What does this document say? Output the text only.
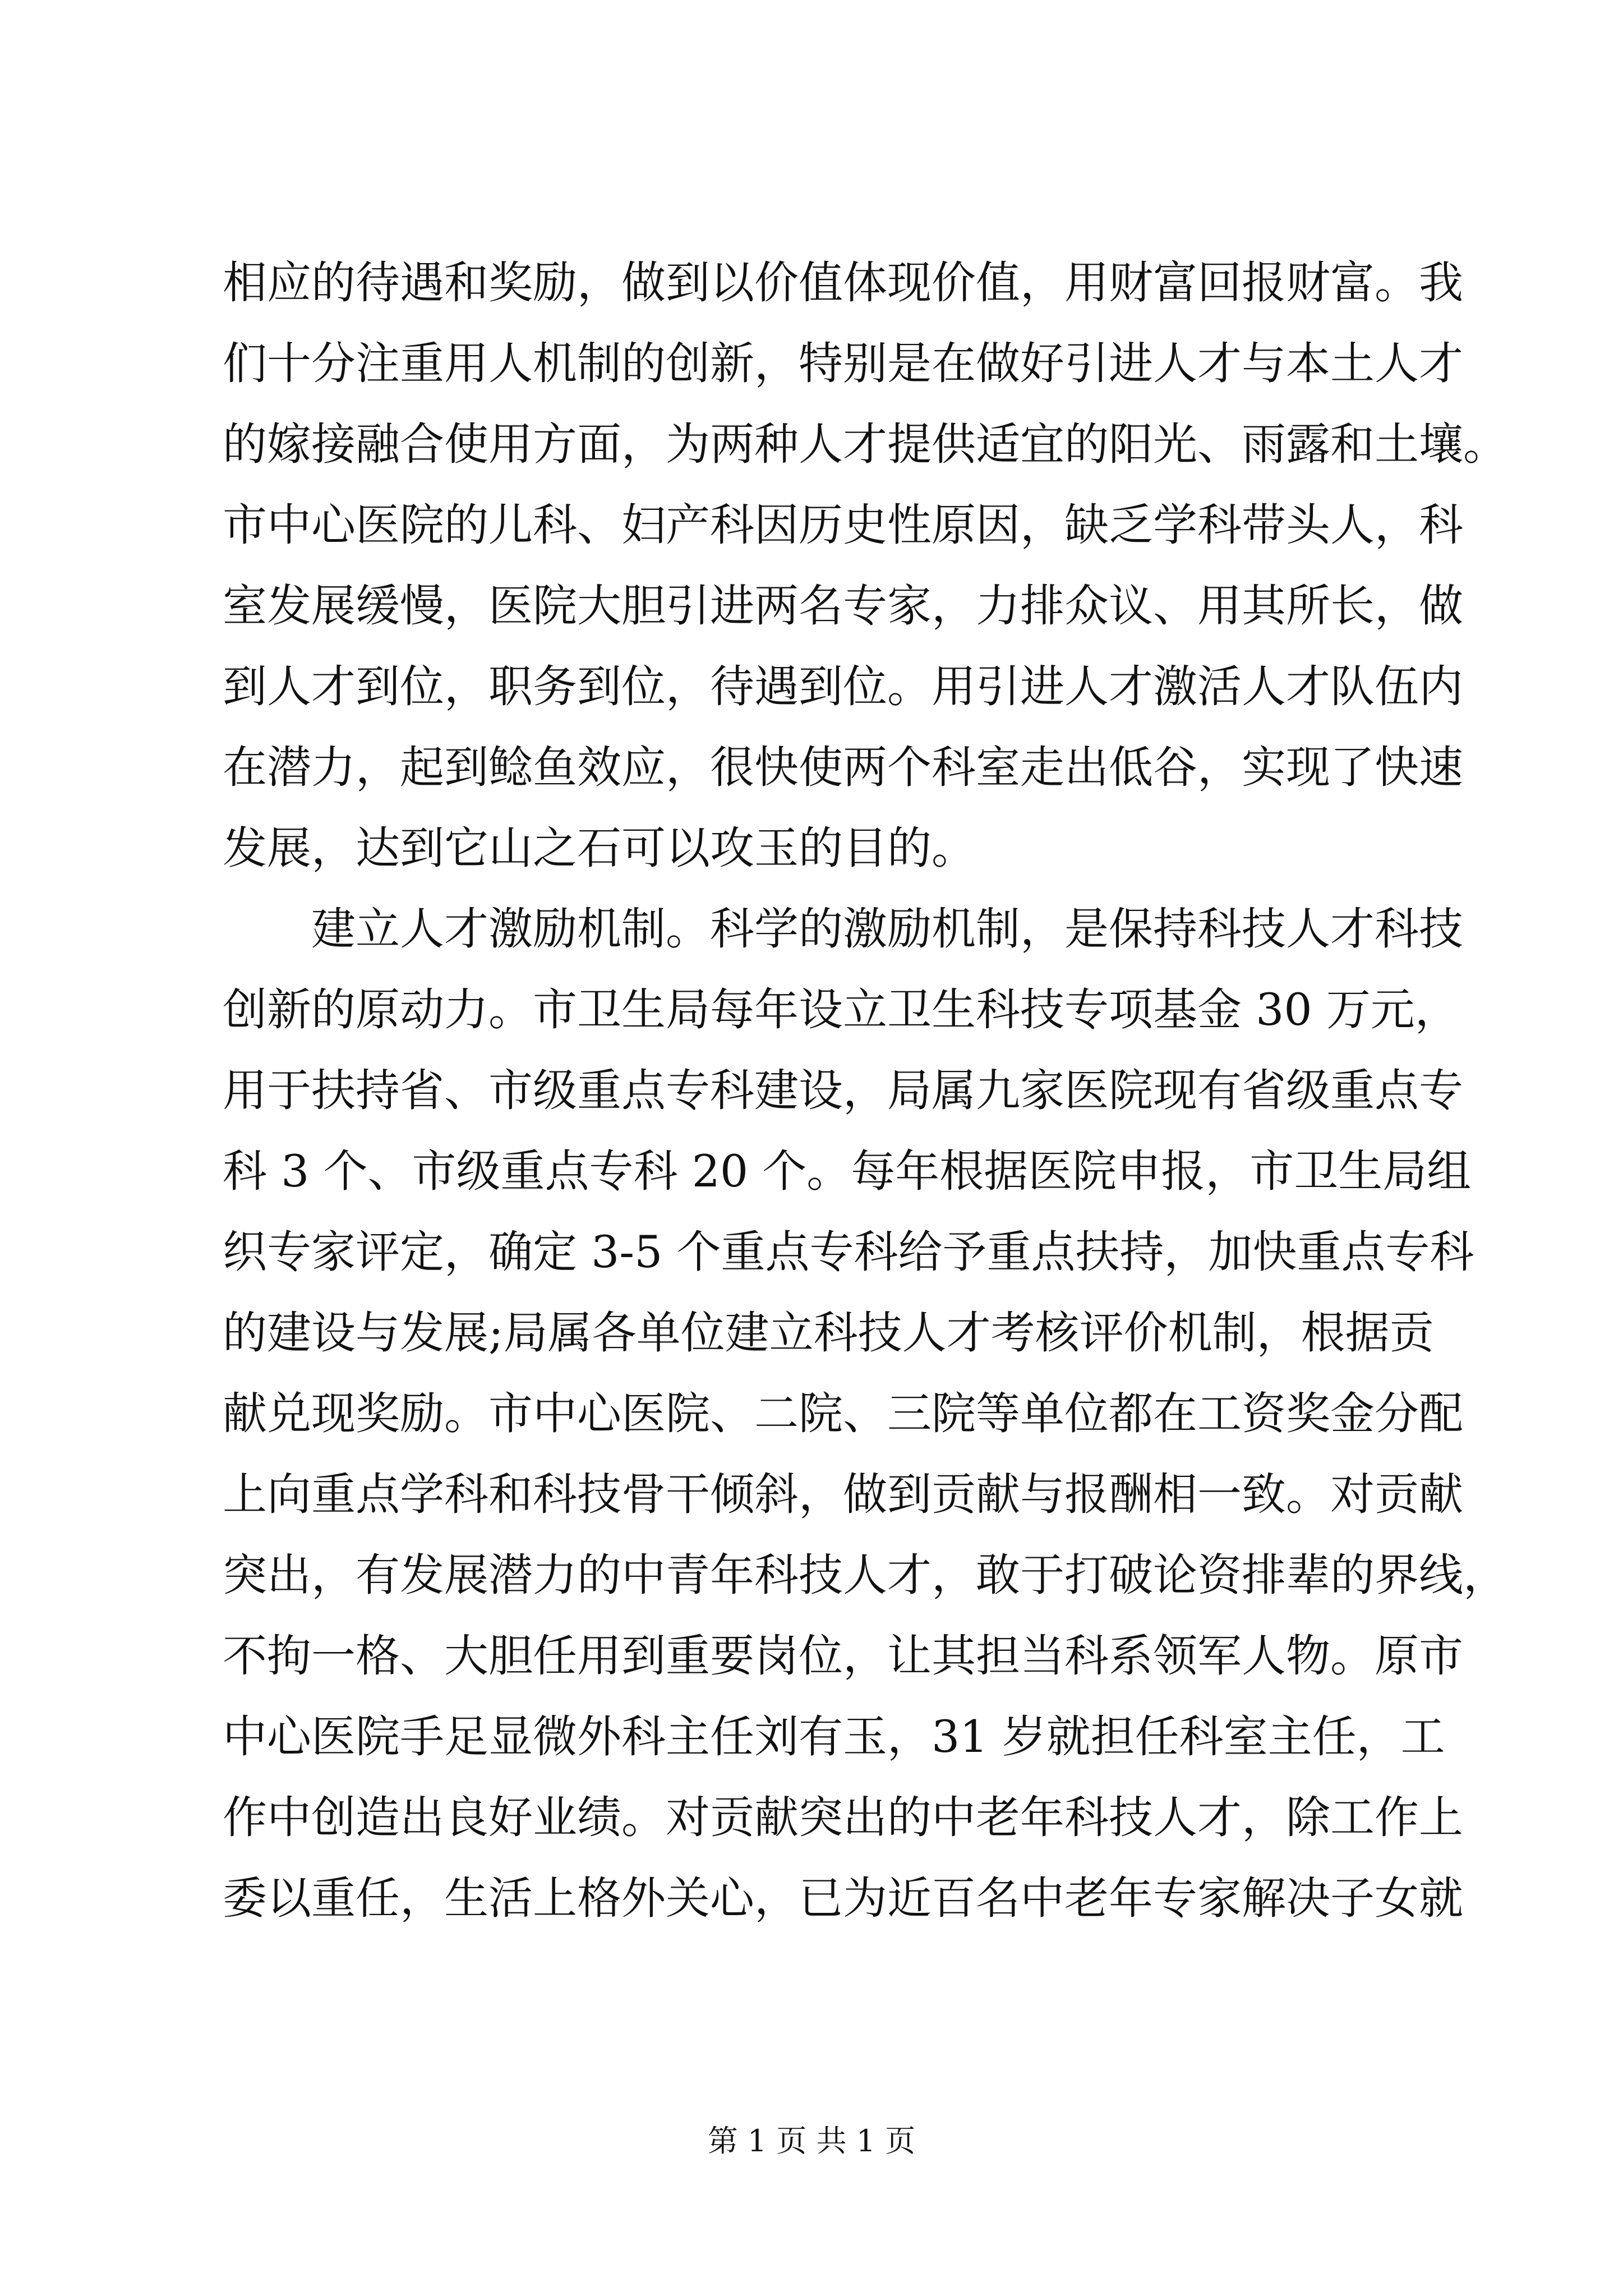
相应的待遇和奖励，做到以价值体现价值，用财富回报财富。我
们十分注重用人机制的创新，特别是在做好引进人才与本土人才
的嫁接融合使用方面，为两种人才提供适宜的阳光、雨露和土壤。
市中心医院的儿科、妇产科因历史性原因，缺乏学科带头人，科
室发展缓慢，医院大胆引进两名专家，力排众议、用其所长，做
到人才到位，职务到位，待遇到位。用引进人才激活人才队伍内
在潜力，起到鲶鱼效应，很快使两个科室走出低谷，实现了快速
发展，达到它山之石可以攻玉的目的。
建立人才激励机制。科学的激励机制，是保持科技人才科技
创新的原动力。市卫生局每年设立卫生科技专项基金 30 万元，
用于扶持省、市级重点专科建设，局属九家医院现有省级重点专
科 3 个、市级重点专科 20 个。每年根据医院申报，市卫生局组
织专家评定，确定 3-5 个重点专科给予重点扶持，加快重点专科
的建设与发展;局属各单位建立科技人才考核评价机制，根据贡
献兑现奖励。市中心医院、二院、三院等单位都在工资奖金分配
上向重点学科和科技骨干倾斜，做到贡献与报酬相一致。对贡献
突出，有发展潜力的中青年科技人才，敢于打破论资排辈的界线，
不拘一格、大胆任用到重要岗位，让其担当科系领军人物。原市
中心医院手足显微外科主任刘有玉，31 岁就担任科室主任，工
作中创造出良好业绩。对贡献突出的中老年科技人才，除工作上
委以重任，生活上格外关心，已为近百名中老年专家解决子女就
第 1 页 共 1 页
